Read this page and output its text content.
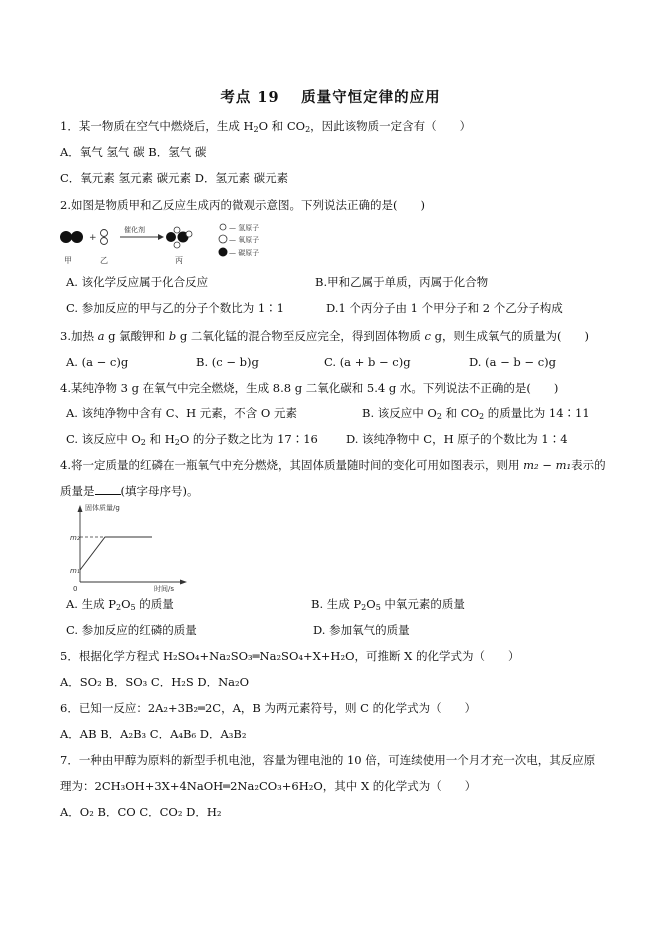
考点 19　 质量守恒定律的应用
1．某一物质在空气中燃烧后，生成 $H_2O$ 和 $CO_2$，因此该物质一定含有（　　）
A．氧气 氢气 碳 B．氢气 碳
C．氧元素 氢元素 碳元素 D．氢元素 碳元素
2.如图是物质甲和乙反应生成丙的微观示意图。下列说法正确的是(　　)
甲
+
乙
催化剂
丙
— 氢原子
— 氧原子
— 碳原子
A. 该化学反应属于化合反应	B.甲和乙属于单质，丙属于化合物
C. 参加反应的甲与乙的分子个数比为 1∶1	D.1 个丙分子由 1 个甲分子和 2 个乙分子构成
3.加热 a g 氯酸钾和 b g 二氧化锰的混合物至反应完全，得到固体物质 c g，则生成氧气的质量为(　　)
A. (a − c)g	B. (c − b)g	C. (a + b − c)g	D. (a − b − c)g
4.某纯净物 3 g 在氧气中完全燃烧，生成 8.8 g 二氧化碳和 5.4 g 水。下列说法不正确的是(　　)
A. 该纯净物中含有 C、H 元素，不含 O 元素	B. 该反应中 $O_2$ 和 $CO_2$ 的质量比为 14∶11
C. 该反应中 $O_2$ 和 $H_2O$ 的分子数之比为 17∶16 D. 该纯净物中 C，H 原子的个数比为 1∶4
4.将一定质量的红磷在一瓶氧气中充分燃烧，其固体质量随时间的变化可用如图表示，则用 m₂ − m₁表示的
质量是 (填字母序号)。
固体质量/g
时间/s
0
m₂
m₁
A. 生成 $P_2O_5$ 的质量	B. 生成 $P_2O_5$ 中氧元素的质量
C. 参加反应的红磷的质量	D. 参加氧气的质量
5．根据化学方程式 H₂SO₄+Na₂SO₃═Na₂SO₄+X+H₂O，可推断 X 的化学式为（　　）
A．SO₂ B．SO₃ C．H₂S D．Na₂O
6．已知一反应：2A₂+3B₂═2C，A，B 为两元素符号，则 C 的化学式为（　　）
A．AB B．A₂B₃ C．A₄B₆ D．A₃B₂
7．一种由甲醇为原料的新型手机电池，容量为锂电池的 10 倍，可连续使用一个月才充一次电，其反应原
理为：2CH₃OH+3X+4NaOH═2Na₂CO₃+6H₂O，其中 X 的化学式为（　　）
A．O₂ B．CO C．CO₂ D．H₂
